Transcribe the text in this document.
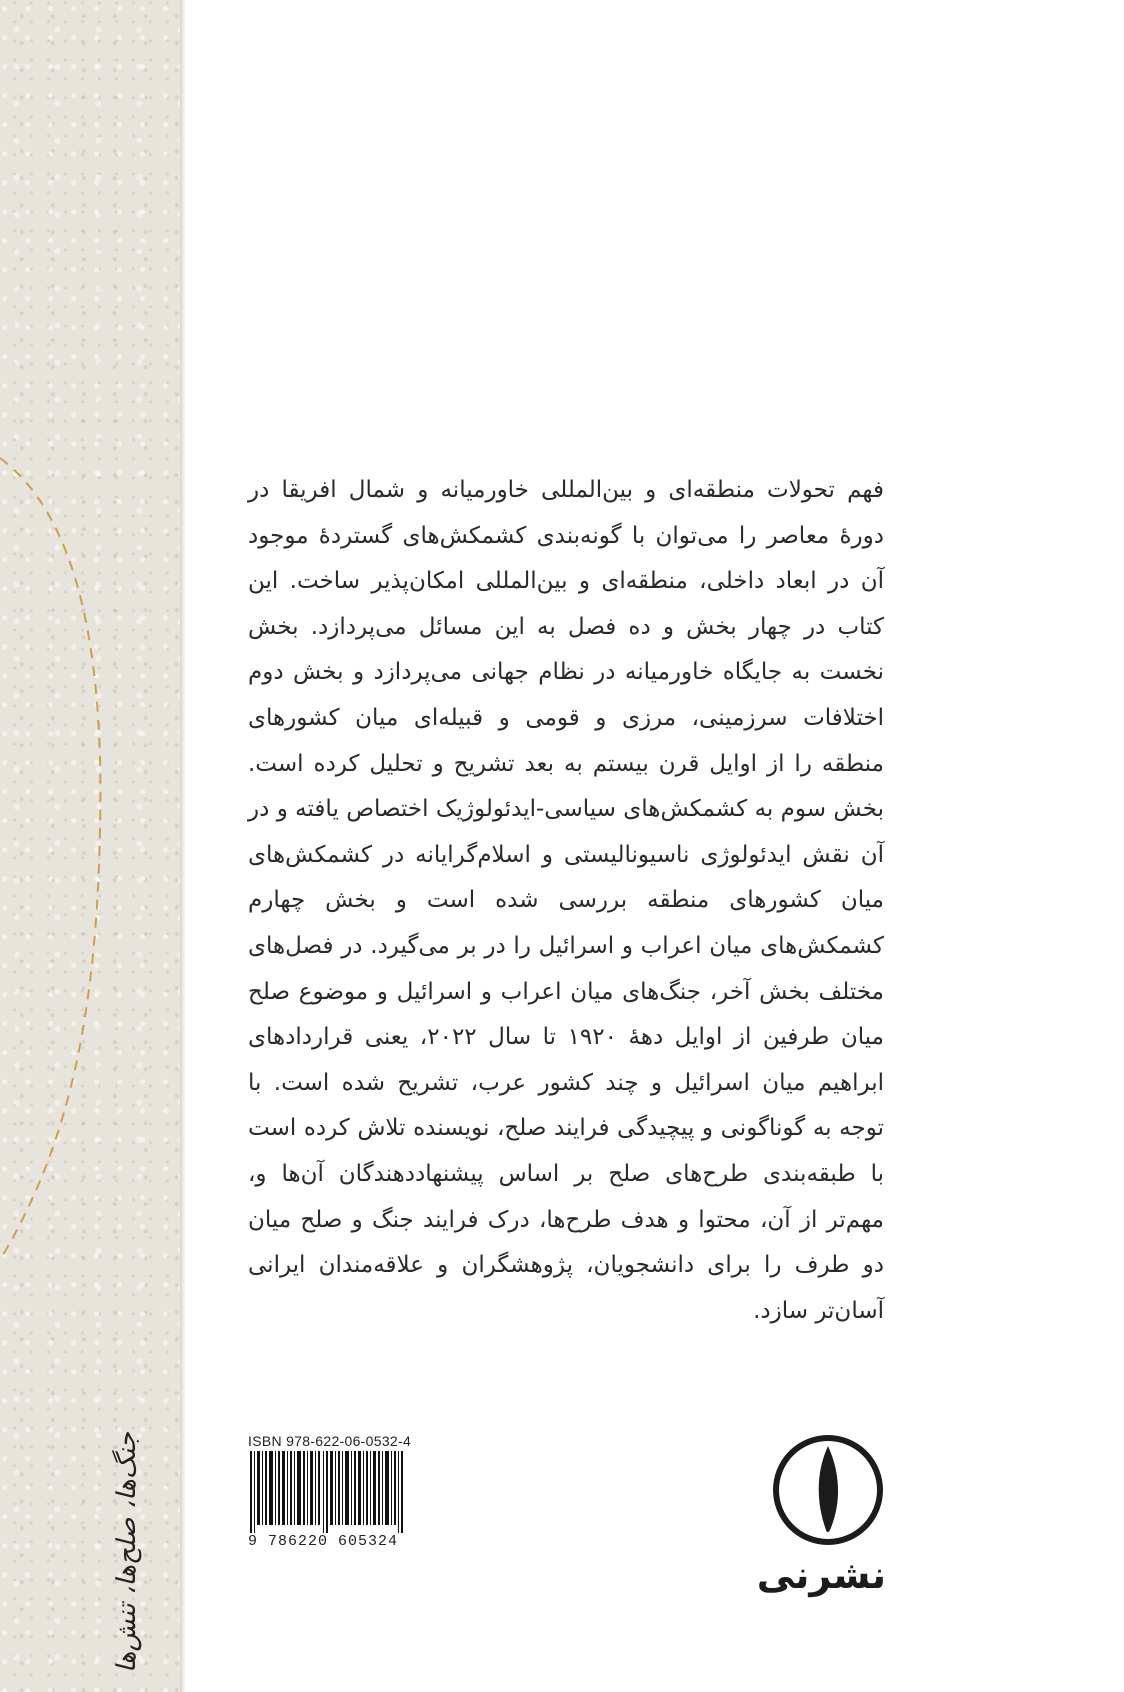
جنگ‌ها، صلح‌ها، تنش‌ها
فهم تحولات منطقه‌ای و بین‌المللی خاورمیانه و شمال افریقا در دورهٔ معاصر را می‌توان با گونه‌بندی کشمکش‌های گستردهٔ موجود آن در ابعاد داخلی، منطقه‌ای و بین‌المللی امکان‌پذیر ساخت. این کتاب در چهار بخش و ده فصل به این مسائل می‌پردازد. بخش نخست به جایگاه خاورمیانه در نظام جهانی می‌پردازد و بخش دوم اختلافات سرزمینی، مرزی و قومی و قبیله‌ای میان کشورهای منطقه را از اوایل قرن بیستم به بعد تشریح و تحلیل کرده است. بخش سوم به کشمکش‌های سیاسی-ایدئولوژیک اختصاص یافته و در آن نقش ایدئولوژی ناسیونالیستی و اسلام‌گرایانه در کشمکش‌های میان کشورهای منطقه بررسی شده است و بخش چهارم کشمکش‌های میان اعراب و اسرائیل را در بر می‌گیرد. در فصل‌های مختلف بخش آخر، جنگ‌های میان اعراب و اسرائیل و موضوع صلح میان طرفین از اوایل دههٔ ۱۹۲۰ تا سال ۲۰۲۲، یعنی قراردادهای ابراهیم میان اسرائیل و چند کشور عرب، تشریح شده است. با توجه به گوناگونی و پیچیدگی فرایند صلح، نویسنده تلاش کرده است با طبقه‌بندی طرح‌های صلح بر اساس پیشنهاددهندگان آن‌ها و، مهم‌تر از آن، محتوا و هدف طرح‌ها، درک فرایند جنگ و صلح میان دو طرف را برای دانشجویان، پژوهشگران و علاقه‌مندان ایرانی آسان‌تر سازد.
ISBN 978-622-06-0532-4
9 786220 605324
نشرنی
